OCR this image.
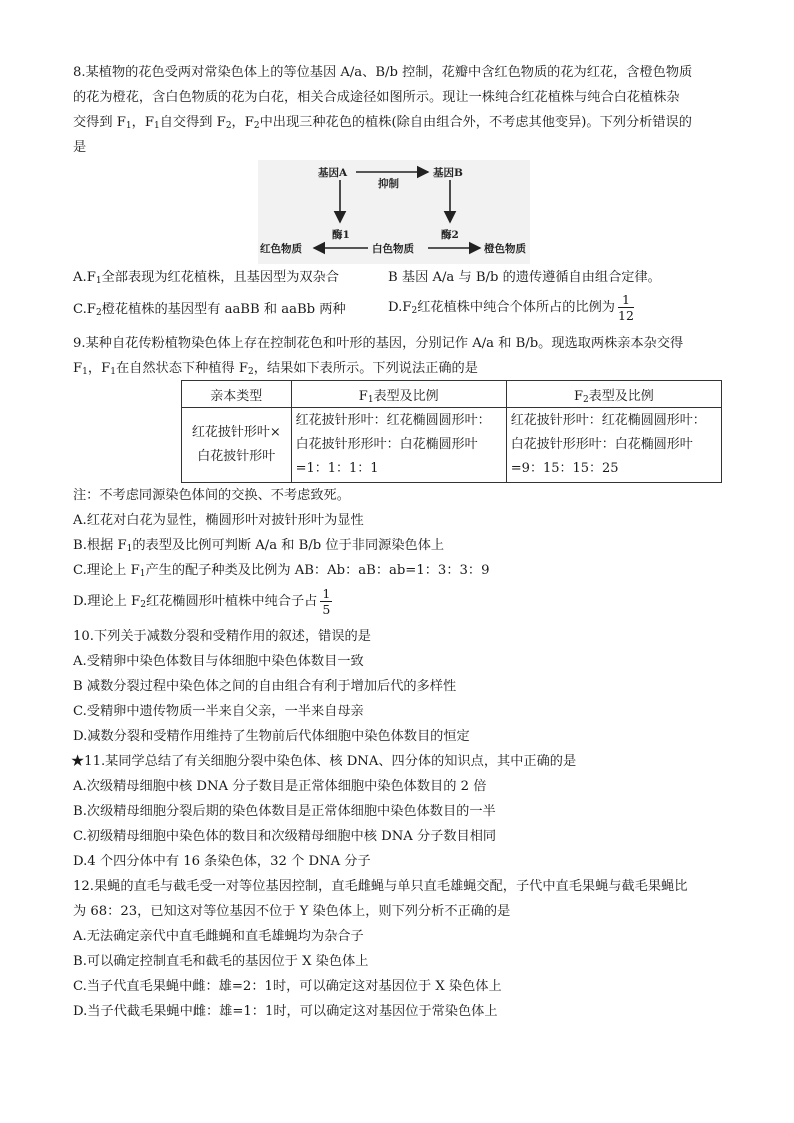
8.某植物的花色受两对常染色体上的等位基因 A/a、B/b 控制，花瓣中含红色物质的花为红花，含橙色物质
的花为橙花，含白色物质的花为白花，相关合成途径如图所示。现让一株纯合红花植株与纯合白花植株杂
交得到 $F_1$，$F_1$自交得到 $F_2$，$F_2$中出现三种花色的植株(除自由组合外，不考虑其他变异)。下列分析错误的
是
基因A
抑制
基因B
红色物质
酶1
白色物质
酶2
橙色物质
$A.F_1$全部表现为红花植株，且基因型为双杂合	B 基因 A/a 与 B/b 的遗传遵循自由组合定律。
$C.F_2$橙花植株的基因型有 aaBB 和 aaBb 两种	$D.F_2$红花植株中纯合个体所占的比例为 $\frac{1}{12}$
9.某种自花传粉植物染色体上存在控制花色和叶形的基因，分别记作 A/a 和 B/b。现选取两株亲本杂交得
$F_1$，$F_1$在自然状态下种植得 $F_2$，结果如下表所示。下列说法正确的是
亲本类型	$F_1$表型及比例	$F_2$表型及比例
红花披针形叶×白花披针形叶	红花披针形叶：红花椭圆圆形叶：白花披针形形叶：白花椭圆形叶=1：1：1：1	红花披针形叶：红花椭圆圆形叶：白花披针形形叶：白花椭圆形叶=9：15：15：25
注：不考虑同源染色体间的交换、不考虑致死。
A.红花对白花为显性，椭圆形叶对披针形叶为显性
B.根据 $F_1$的表型及比例可判断 A/a 和 B/b 位于非同源染色体上
C.理论上 $F_1$产生的配子种类及比例为 AB：Ab：aB：ab=1：3：3：9
D.理论上 $F_2$红花椭圆形叶植株中纯合子占 $\frac{1}{5}$
10.下列关于减数分裂和受精作用的叙述，错误的是
A.受精卵中染色体数目与体细胞中染色体数目一致
B 减数分裂过程中染色体之间的自由组合有利于增加后代的多样性
C.受精卵中遗传物质一半来自父亲，一半来自母亲
D.减数分裂和受精作用维持了生物前后代体细胞中染色体数目的恒定
★11.某同学总结了有关细胞分裂中染色体、核 DNA、四分体的知识点，其中正确的是
A.次级精母细胞中核 DNA 分子数目是正常体细胞中染色体数目的 2 倍
B.次级精母细胞分裂后期的染色体数目是正常体细胞中染色体数目的一半
C.初级精母细胞中染色体的数目和次级精母细胞中核 DNA 分子数目相同
D.4 个四分体中有 16 条染色体，32 个 DNA 分子
12.果蝇的直毛与截毛受一对等位基因控制，直毛雌蝇与单只直毛雄蝇交配，子代中直毛果蝇与截毛果蝇比
为 68：23，已知这对等位基因不位于 Y 染色体上，则下列分析不正确的是
A.无法确定亲代中直毛雌蝇和直毛雄蝇均为杂合子
B.可以确定控制直毛和截毛的基因位于 X 染色体上
C.当子代直毛果蝇中雌：雄=2：1时，可以确定这对基因位于 X 染色体上
D.当子代截毛果蝇中雌：雄=1：1时，可以确定这对基因位于常染色体上
